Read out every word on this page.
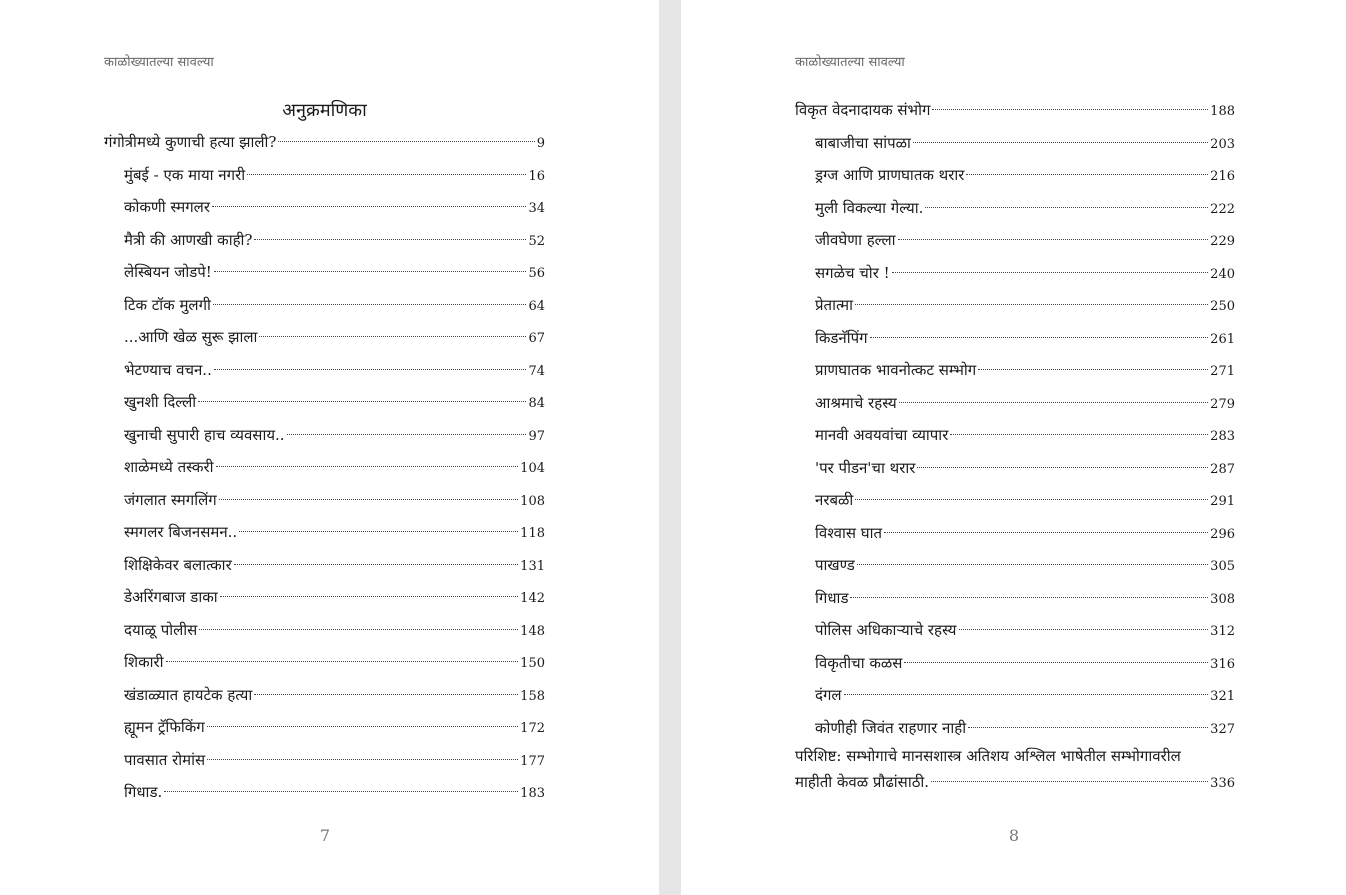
काळोख्यातल्या सावल्या
अनुक्रमणिका
गंगोत्रीमध्ये कुणाची हत्या झाली?	9
मुंबई - एक माया नगरी	16
कोकणी स्मगलर	34
मैत्री की आणखी काही?	52
लेस्बियन जोडपे!	56
टिक टॉक मुलगी	64
...आणि खेळ सुरू झाला	67
भेटण्याच वचन..	74
खुनशी दिल्ली	84
खुनाची सुपारी हाच व्यवसाय..	97
शाळेमध्ये तस्करी	104
जंगलात स्मगलिंग	108
स्मगलर बिजनसमन..	118
शिक्षिकेवर बलात्कार	131
डेअरिंगबाज डाका	142
दयाळू पोलीस	148
शिकारी	150
खंडाळ्यात हायटेक हत्या	158
ह्यूमन ट्रॅफिकिंग	172
पावसात रोमांस	177
गिधाड.	183
7
काळोख्यातल्या सावल्या
विकृत वेदनादायक संभोग	188
बाबाजीचा सांपळा	203
ड्रग्ज आणि प्राणघातक थरार	216
मुली विकल्या गेल्या.	222
जीवघेणा हल्ला	229
सगळेच चोर !	240
प्रेतात्मा	250
किडनॅपिंग	261
प्राणघातक भावनोत्कट सम्भोग	271
आश्रमाचे रहस्य	279
मानवी अवयवांचा व्यापार	283
'पर पीडन'चा थरार	287
नरबळी	291
विश्वास घात	296
पाखण्ड	305
गिधाड	308
पोलिस अधिकाऱ्याचे रहस्य	312
विकृतीचा कळस	316
दंगल	321
कोणीही जिवंत राहणार नाही	327
परिशिष्ट: सम्भोगाचे मानसशास्त्र अतिशय अश्लिल भाषेतील सम्भोगावरील
माहीती केवळ प्रौढांसाठी.	336
8
